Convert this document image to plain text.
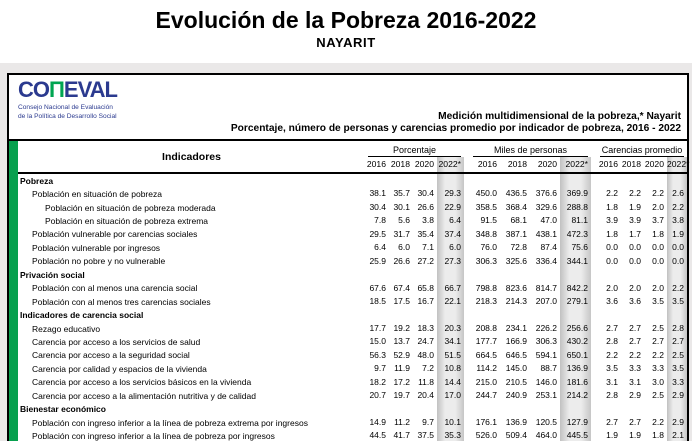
Evolución de la Pobreza 2016-2022
NAYARIT
COΠEVAL
Consejo Nacional de Evaluación
de la Política de Desarrollo Social	Medición multidimensional de la pobreza,* Nayarit
Porcentaje, número de personas y carencias promedio por indicador de pobreza, 2016 - 2022
Indicadores
Porcentaje	Miles de personas	Carencias promedio
2016 2018 2020 2022*	2016	2018	2020 2022*	2016 2018 2020 2022*
Pobreza
Población en situación de pobreza	38.1 35.7 30.4	29.3	450.0	436.5	376.6	369.9	2.2	2.2	2.2 2.6
Población en situación de pobreza moderada	30.4 30.1 26.6	22.9	358.5	368.4	329.6	288.8	1.8	1.9	2.0 2.2
Población en situación de pobreza extrema	7.8	5.6	3.8	6.4	91.5	68.1	47.0	81.1	3.9	3.9	3.7 3.8
Población vulnerable por carencias sociales	29.5 31.7 35.4	37.4	348.8	387.1	438.1	472.3	1.8	1.7	1.8 1.9
Población vulnerable por ingresos	6.4	6.0	7.1	6.0	76.0	72.8	87.4	75.6	0.0	0.0	0.0 0.0
Población no pobre y no vulnerable	25.9 26.6 27.2	27.3	306.3	325.6	336.4	344.1	0.0	0.0	0.0 0.0
Privación social
Población con al menos una carencia social	67.6 67.4 65.8	66.7	798.8	823.6	814.7	842.2	2.0	2.0	2.0 2.2
Población con al menos tres carencias sociales	18.5 17.5 16.7	22.1	218.3	214.3	207.0	279.1	3.6	3.6	3.5 3.5
Indicadores de carencia social
Rezago educativo	17.7 19.2 18.3	20.3	208.8	234.1	226.2	256.6	2.7	2.7	2.5 2.8
Carencia por acceso a los servicios de salud	15.0 13.7 24.7	34.1	177.7	166.9	306.3	430.2	2.8	2.7	2.7 2.7
Carencia por acceso a la seguridad social	56.3 52.9 48.0	51.5	664.5	646.5	594.1	650.1	2.2	2.2	2.2 2.5
Carencia por calidad y espacios de la vivienda	9.7 11.9	7.2	10.8	114.2	145.0	88.7	136.9	3.5	3.3	3.3 3.5
Carencia por acceso a los servicios básicos en la vivienda	18.2 17.2 11.8	14.4	215.0	210.5	146.0	181.6	3.1	3.1	3.0 3.3
Carencia por acceso a la alimentación nutritiva y de calidad	20.7 19.7 20.4	17.0	244.7	240.9	253.1	214.2	2.8	2.9	2.5 2.9
Bienestar económico
Población con ingreso inferior a la línea de pobreza extrema por ingresos	14.9 11.2	9.7	10.1	176.1	136.9	120.5	127.9	2.7	2.7	2.2 2.9
Población con ingreso inferior a la línea de pobreza por ingresos	44.5 41.7 37.5	35.3	526.0	509.4	464.0	445.5	1.9	1.9	1.8 2.1
